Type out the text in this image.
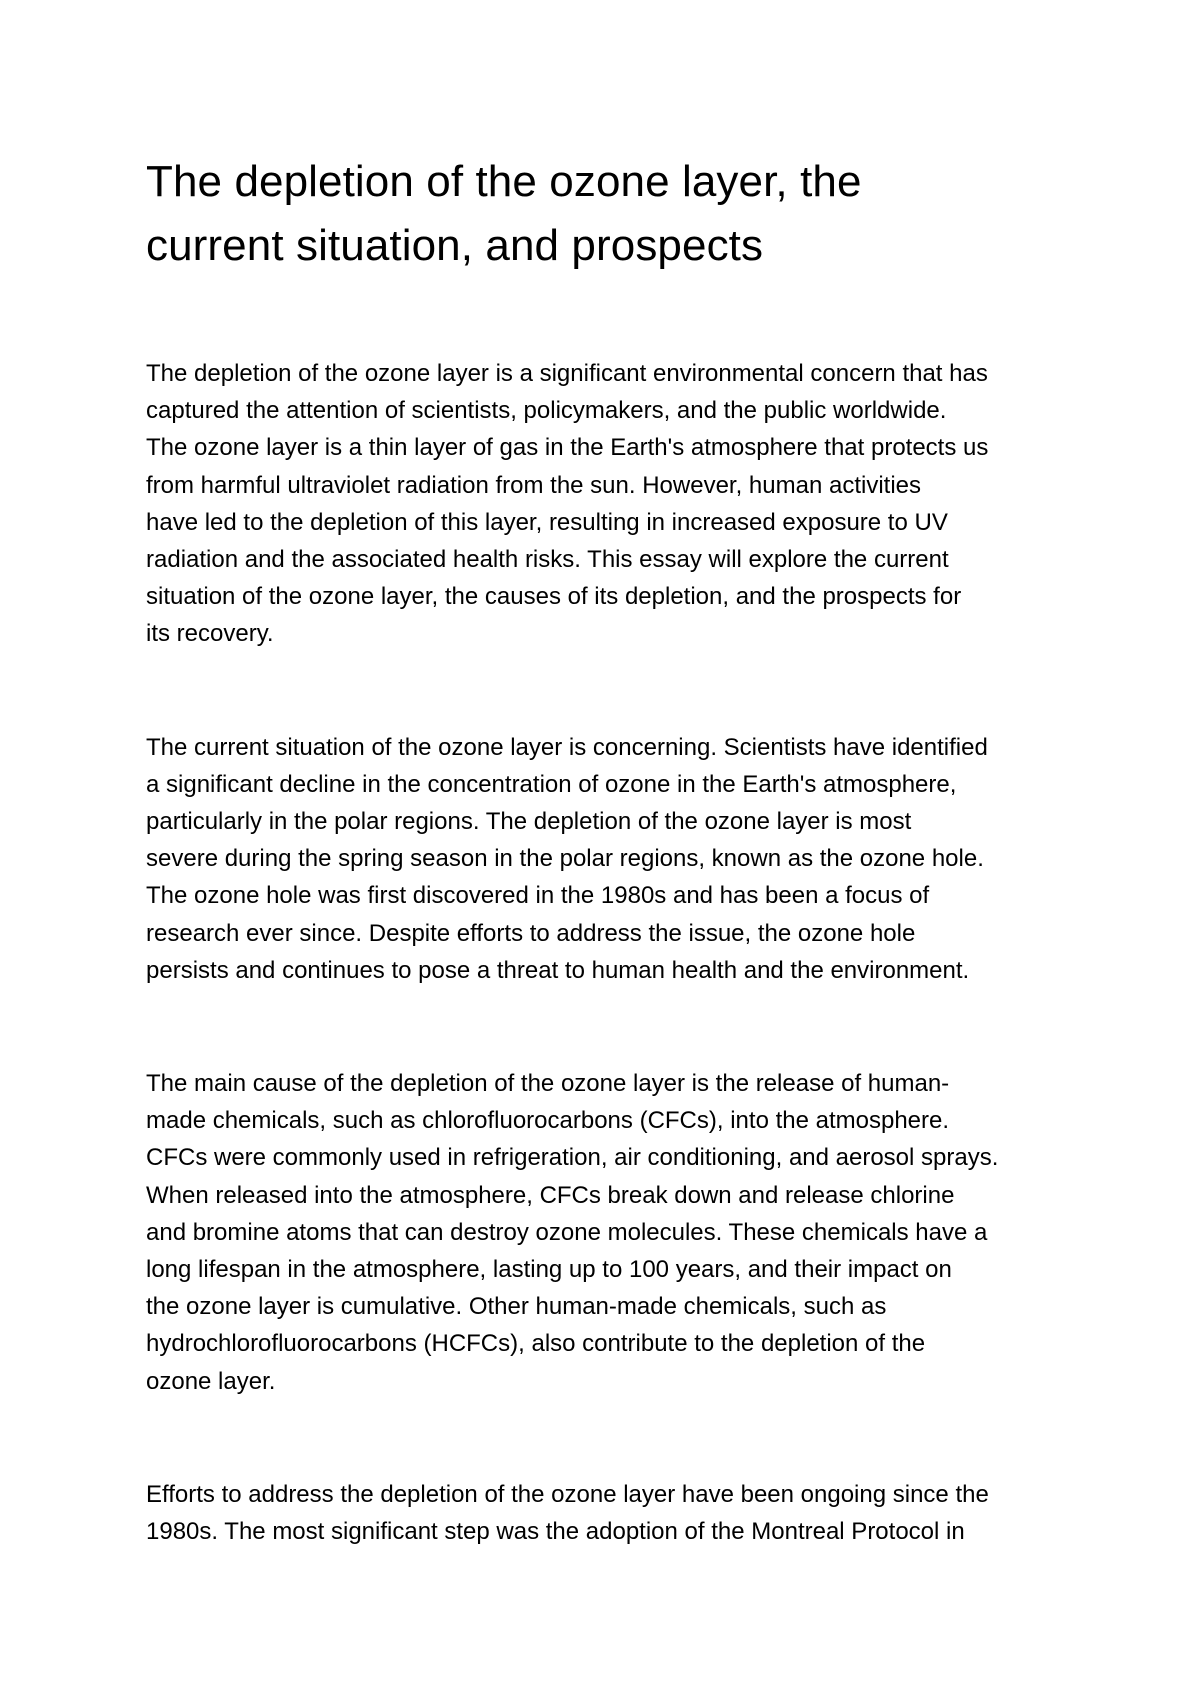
The depletion of the ozone layer, the
current situation, and prospects

The depletion of the ozone layer is a significant environmental concern that has
captured the attention of scientists, policymakers, and the public worldwide.
The ozone layer is a thin layer of gas in the Earth's atmosphere that protects us
from harmful ultraviolet radiation from the sun. However, human activities
have led to the depletion of this layer, resulting in increased exposure to UV
radiation and the associated health risks. This essay will explore the current
situation of the ozone layer, the causes of its depletion, and the prospects for
its recovery.

The current situation of the ozone layer is concerning. Scientists have identified
a significant decline in the concentration of ozone in the Earth's atmosphere,
particularly in the polar regions. The depletion of the ozone layer is most
severe during the spring season in the polar regions, known as the ozone hole.
The ozone hole was first discovered in the 1980s and has been a focus of
research ever since. Despite efforts to address the issue, the ozone hole
persists and continues to pose a threat to human health and the environment.

The main cause of the depletion of the ozone layer is the release of human-
made chemicals, such as chlorofluorocarbons (CFCs), into the atmosphere.
CFCs were commonly used in refrigeration, air conditioning, and aerosol sprays.
When released into the atmosphere, CFCs break down and release chlorine
and bromine atoms that can destroy ozone molecules. These chemicals have a
long lifespan in the atmosphere, lasting up to 100 years, and their impact on
the ozone layer is cumulative. Other human-made chemicals, such as
hydrochlorofluorocarbons (HCFCs), also contribute to the depletion of the
ozone layer.

Efforts to address the depletion of the ozone layer have been ongoing since the
1980s. The most significant step was the adoption of the Montreal Protocol in
